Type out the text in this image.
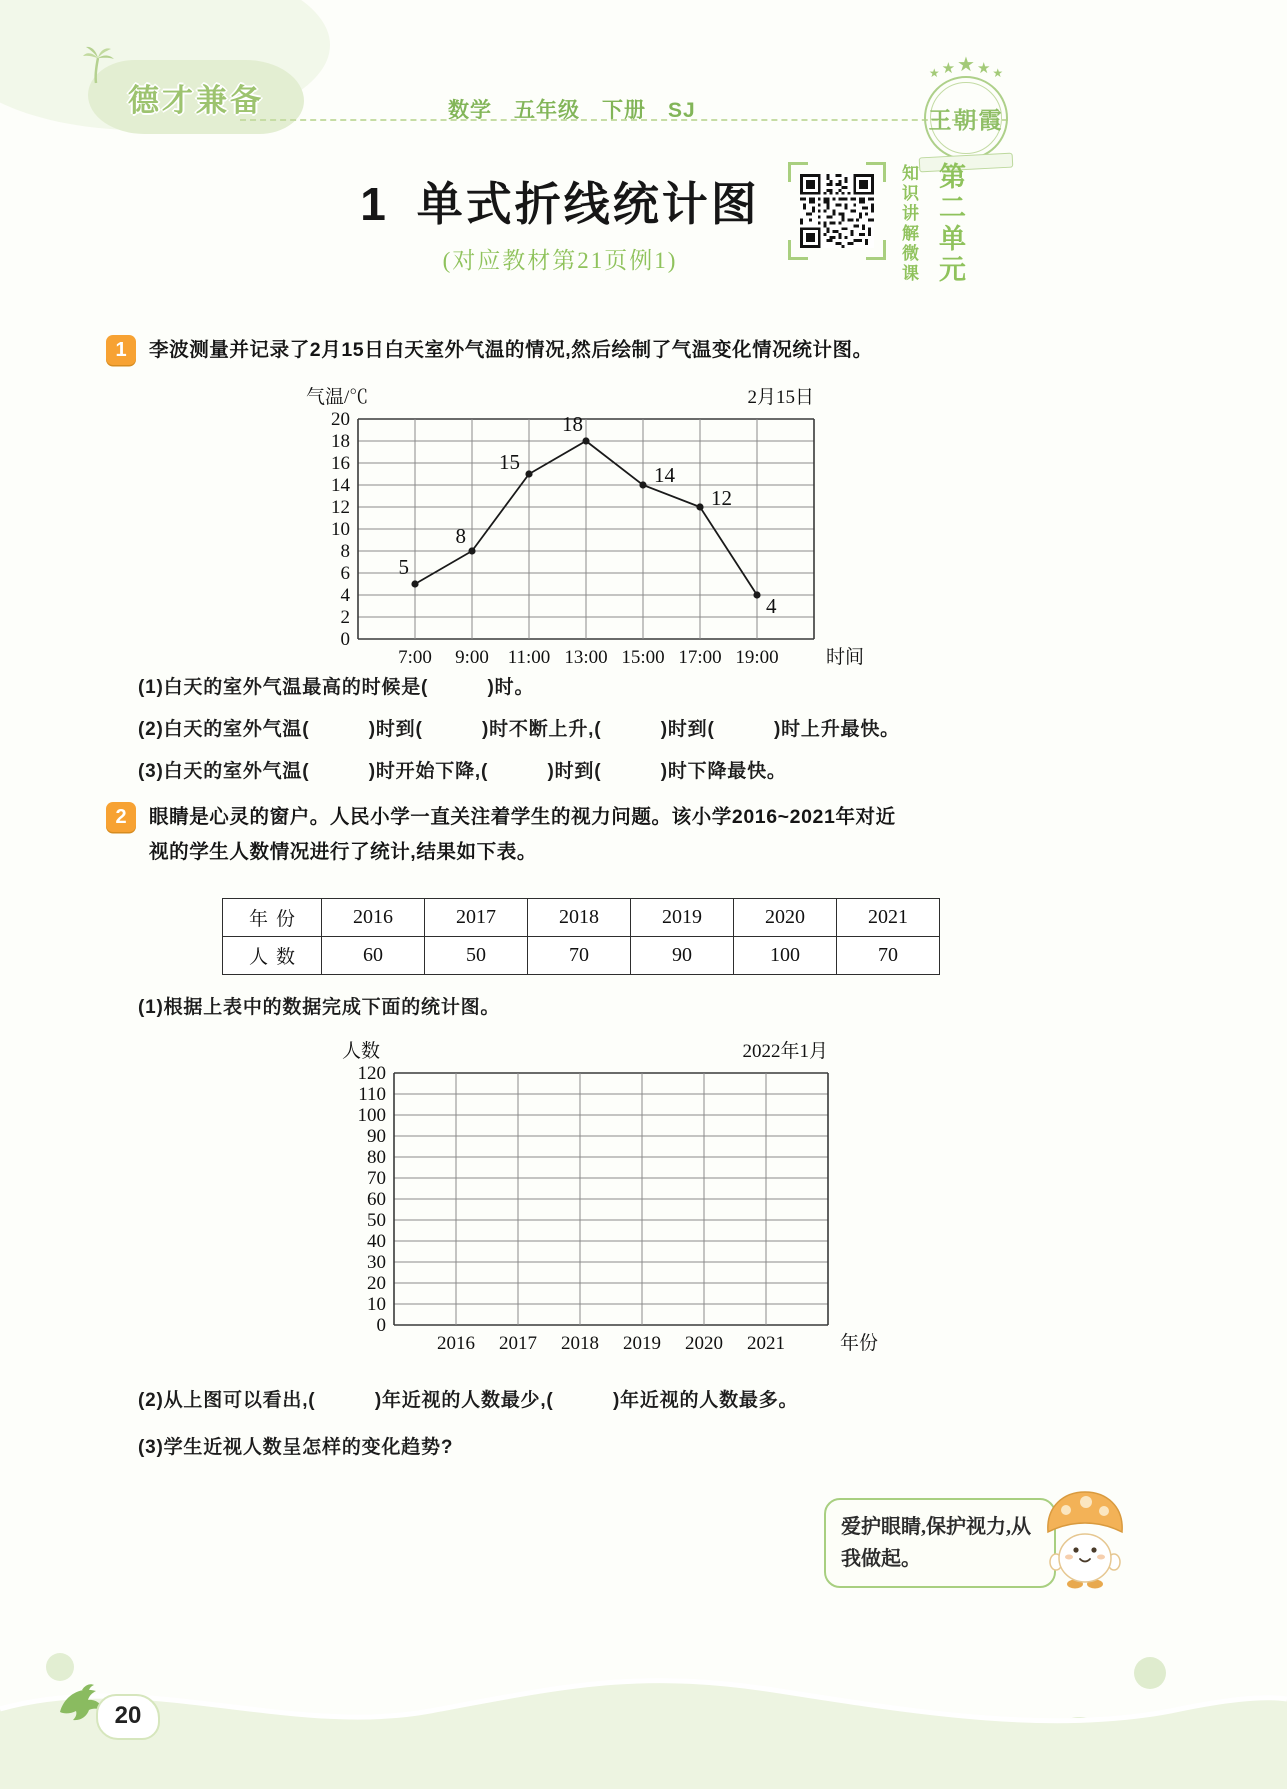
德才兼备	数学　五年级　下册　SJ
★ ★ ★ ★ ★
王朝霞
1 单式折线统计图
(对应教材第21页例1)	知识讲解微课 第二单元
1	李波测量并记录了2月15日白天室外气温的情况,然后绘制了气温变化情况统计图。

20
18
16
14
12
10
8
6
4
2
0
7:00 9:00 11:00 13:00 15:00 17:00 19:00 时间
气温/℃	2月15日
5
8
15
18
14
12
4

(1)白天的室外气温最高的时候是(　　　)时。

(2)白天的室外气温(　　　)时到(　　　)时不断上升,(　　　)时到(　　　)时上升最快。

(3)白天的室外气温(　　　)时开始下降,(　　　)时到(　　　)时下降最快。

2	眼睛是心灵的窗户。人民小学一直关注着学生的视力问题。该小学2016~2021年对近视的学生人数情况进行了统计,结果如下表。

年份	2016	2017	2018	2019	2020	2021
人数	60	50	70	90	100	70

(1)根据上表中的数据完成下面的统计图。

120
110
100
90
80
70
60
50
40
30
20
10
0
2016 2017 2018 2019 2020 2021	年份
人数	2022年1月

(2)从上图可以看出,(　　　)年近视的人数最少,(　　　)年近视的人数最多。

(3)学生近视人数呈怎样的变化趋势?

爱护眼睛,保护视力,从我做起。
20
